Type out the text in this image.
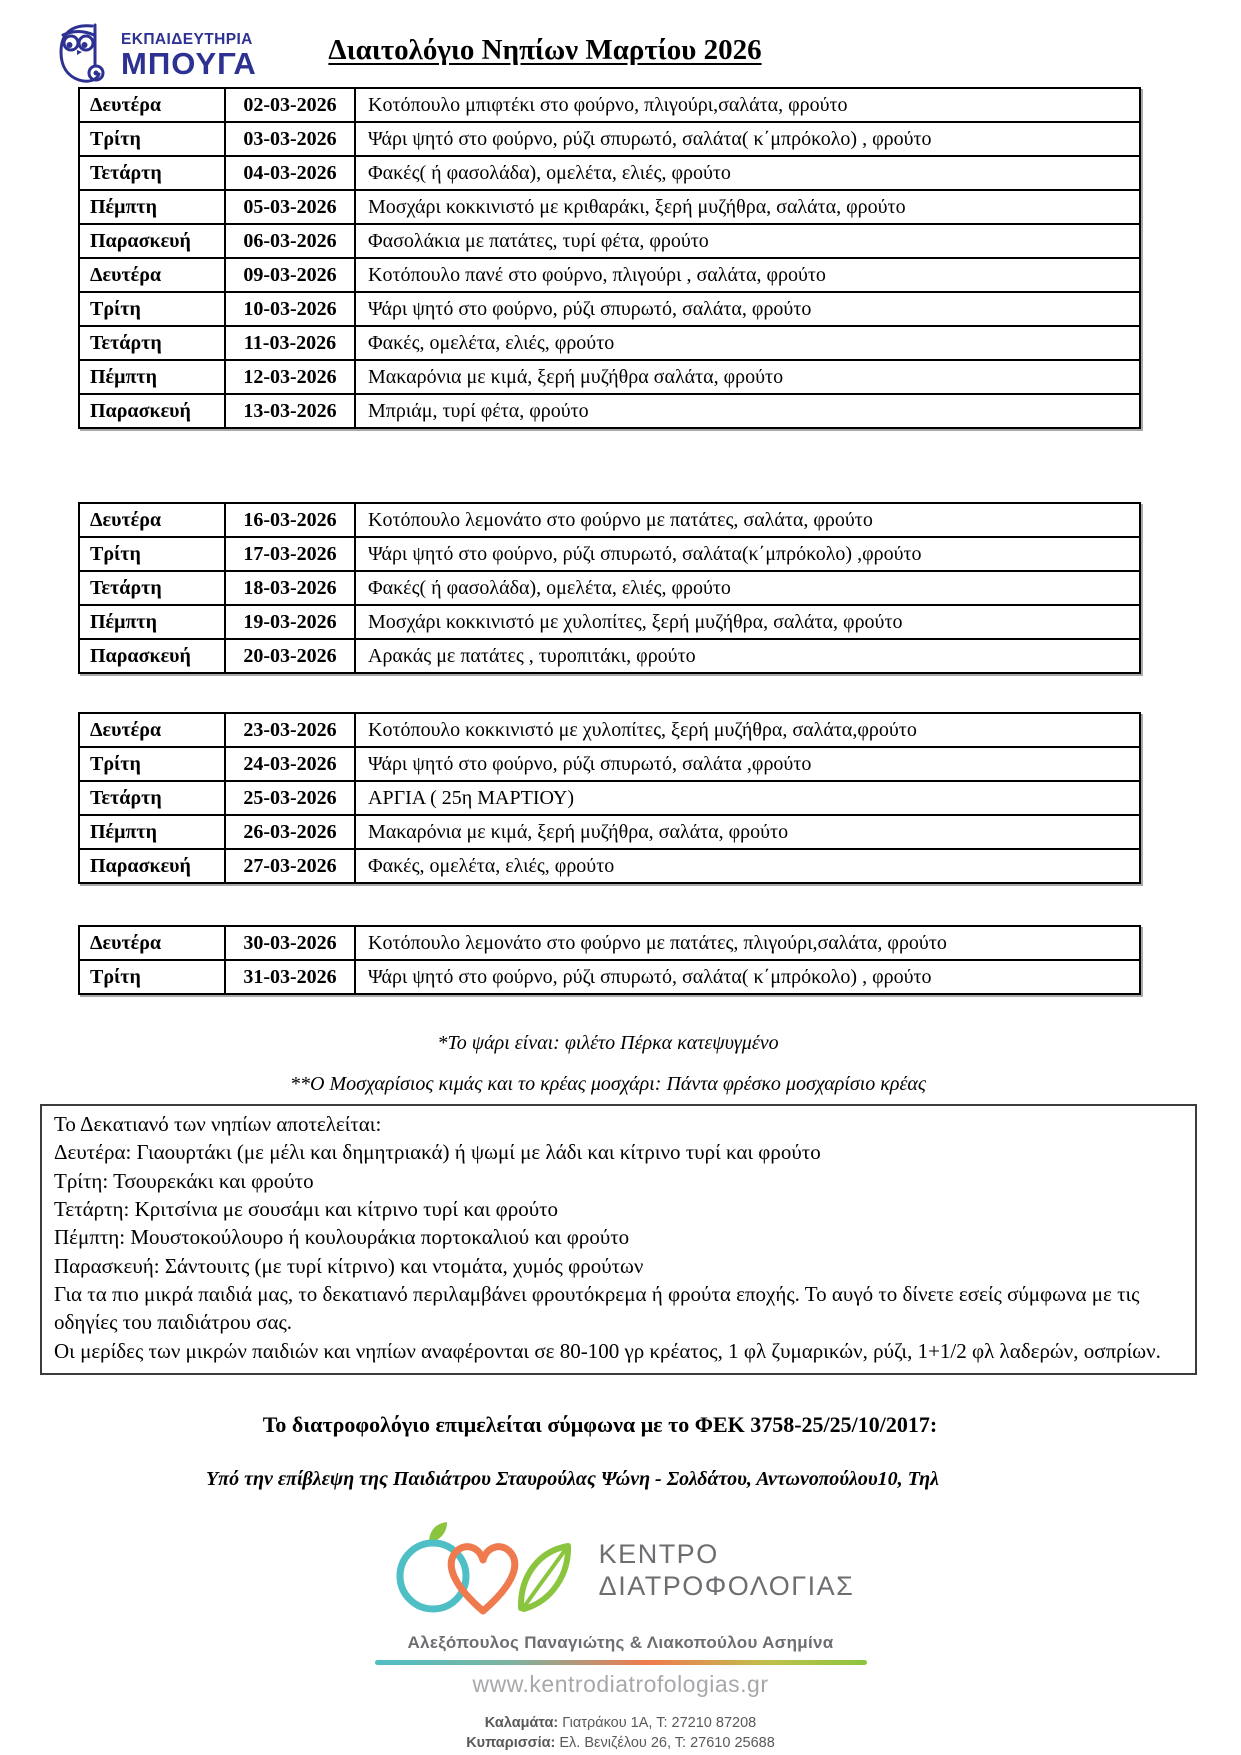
ΕΚΠΑΙΔΕΥΤΗΡΙΑ
ΜΠΟΥΓΑ	Διαιτολόγιο Νηπίων Μαρτίου 2026
Δευτέρα	02-03-2026	Κοτόπουλο μπιφτέκι στο φούρνο, πλιγούρι,σαλάτα, φρούτο
Τρίτη	03-03-2026	Ψάρι ψητό στο φούρνο, ρύζι σπυρωτό, σαλάτα( κ΄μπρόκολο) , φρούτο
Τετάρτη	04-03-2026	Φακές( ή φασολάδα), ομελέτα, ελιές, φρούτο
Πέμπτη	05-03-2026	Μοσχάρι κοκκινιστό με κριθαράκι, ξερή μυζήθρα, σαλάτα, φρούτο
Παρασκευή	06-03-2026	Φασολάκια με πατάτες, τυρί φέτα, φρούτο
Δευτέρα	09-03-2026	Κοτόπουλο πανέ στο φούρνο, πλιγούρι , σαλάτα, φρούτο
Τρίτη	10-03-2026	Ψάρι ψητό στο φούρνο, ρύζι σπυρωτό, σαλάτα, φρούτο
Τετάρτη	11-03-2026	Φακές, ομελέτα, ελιές, φρούτο
Πέμπτη	12-03-2026	Μακαρόνια με κιμά, ξερή μυζήθρα σαλάτα, φρούτο
Παρασκευή	13-03-2026	Μπριάμ, τυρί φέτα, φρούτο
Δευτέρα	16-03-2026	Κοτόπουλο λεμονάτο στο φούρνο με πατάτες, σαλάτα, φρούτο
Τρίτη	17-03-2026	Ψάρι ψητό στο φούρνο, ρύζι σπυρωτό, σαλάτα(κ΄μπρόκολο) ,φρούτο
Τετάρτη	18-03-2026	Φακές( ή φασολάδα), ομελέτα, ελιές, φρούτο
Πέμπτη	19-03-2026	Μοσχάρι κοκκινιστό με χυλοπίτες, ξερή μυζήθρα, σαλάτα, φρούτο
Παρασκευή	20-03-2026	Αρακάς με πατάτες , τυροπιτάκι, φρούτο
Δευτέρα	23-03-2026	Κοτόπουλο κοκκινιστό με χυλοπίτες, ξερή μυζήθρα, σαλάτα,φρούτο
Τρίτη	24-03-2026	Ψάρι ψητό στο φούρνο, ρύζι σπυρωτό, σαλάτα ,φρούτο
Τετάρτη	25-03-2026	ΑΡΓΙΑ ( 25η ΜΑΡΤΙΟΥ)
Πέμπτη	26-03-2026	Μακαρόνια με κιμά, ξερή μυζήθρα, σαλάτα, φρούτο
Παρασκευή	27-03-2026	Φακές, ομελέτα, ελιές, φρούτο
Δευτέρα	30-03-2026	Κοτόπουλο λεμονάτο στο φούρνο με πατάτες, πλιγούρι,σαλάτα, φρούτο
Τρίτη	31-03-2026	Ψάρι ψητό στο φούρνο, ρύζι σπυρωτό, σαλάτα( κ΄μπρόκολο) , φρούτο
*Το ψάρι είναι: φιλέτο Πέρκα κατεψυγμένο
**Ο Μοσχαρίσιος κιμάς και το κρέας μοσχάρι: Πάντα φρέσκο μοσχαρίσιο κρέας
Το Δεκατιανό των νηπίων αποτελείται:
Δευτέρα: Γιαουρτάκι (με μέλι και δημητριακά) ή ψωμί με λάδι και κίτρινο τυρί και φρούτο
Τρίτη: Τσουρεκάκι και φρούτο
Τετάρτη: Κριτσίνια με σουσάμι και κίτρινο τυρί και φρούτο
Πέμπτη: Μουστοκούλουρο ή κουλουράκια πορτοκαλιού και φρούτο
Παρασκευή: Σάντουιτς (με τυρί κίτρινο) και ντομάτα, χυμός φρούτων
Για τα πιο μικρά παιδιά μας, το δεκατιανό περιλαμβάνει φρουτόκρεμα ή φρούτα εποχής. Το αυγό το δίνετε εσείς σύμφωνα με τις οδηγίες του παιδιάτρου σας.
Οι μερίδες των μικρών παιδιών και νηπίων αναφέρονται σε 80-100 γρ κρέατος, 1 φλ ζυμαρικών, ρύζι, 1+1/2 φλ λαδερών, οσπρίων.
Το διατροφολόγιο επιμελείται σύμφωνα με το ΦΕΚ 3758-25/25/10/2017:
Υπό την επίβλεψη της Παιδιάτρου Σταυρούλας Ψώνη - Σολδάτου, Αντωνοπούλου10, Τηλ
ΚΕΝΤΡΟ
ΔΙΑΤΡΟΦΟΛΟΓΙΑΣ
Αλεξόπουλος Παναγιώτης & Λιακοπούλου Ασημίνα
www.kentrodiatrofologias.gr
Καλαμάτα: Γιατράκου 1Α, Τ: 27210 87208
Κυπαρισσία: Ελ. Βενιζέλου 26, Τ: 27610 25688
